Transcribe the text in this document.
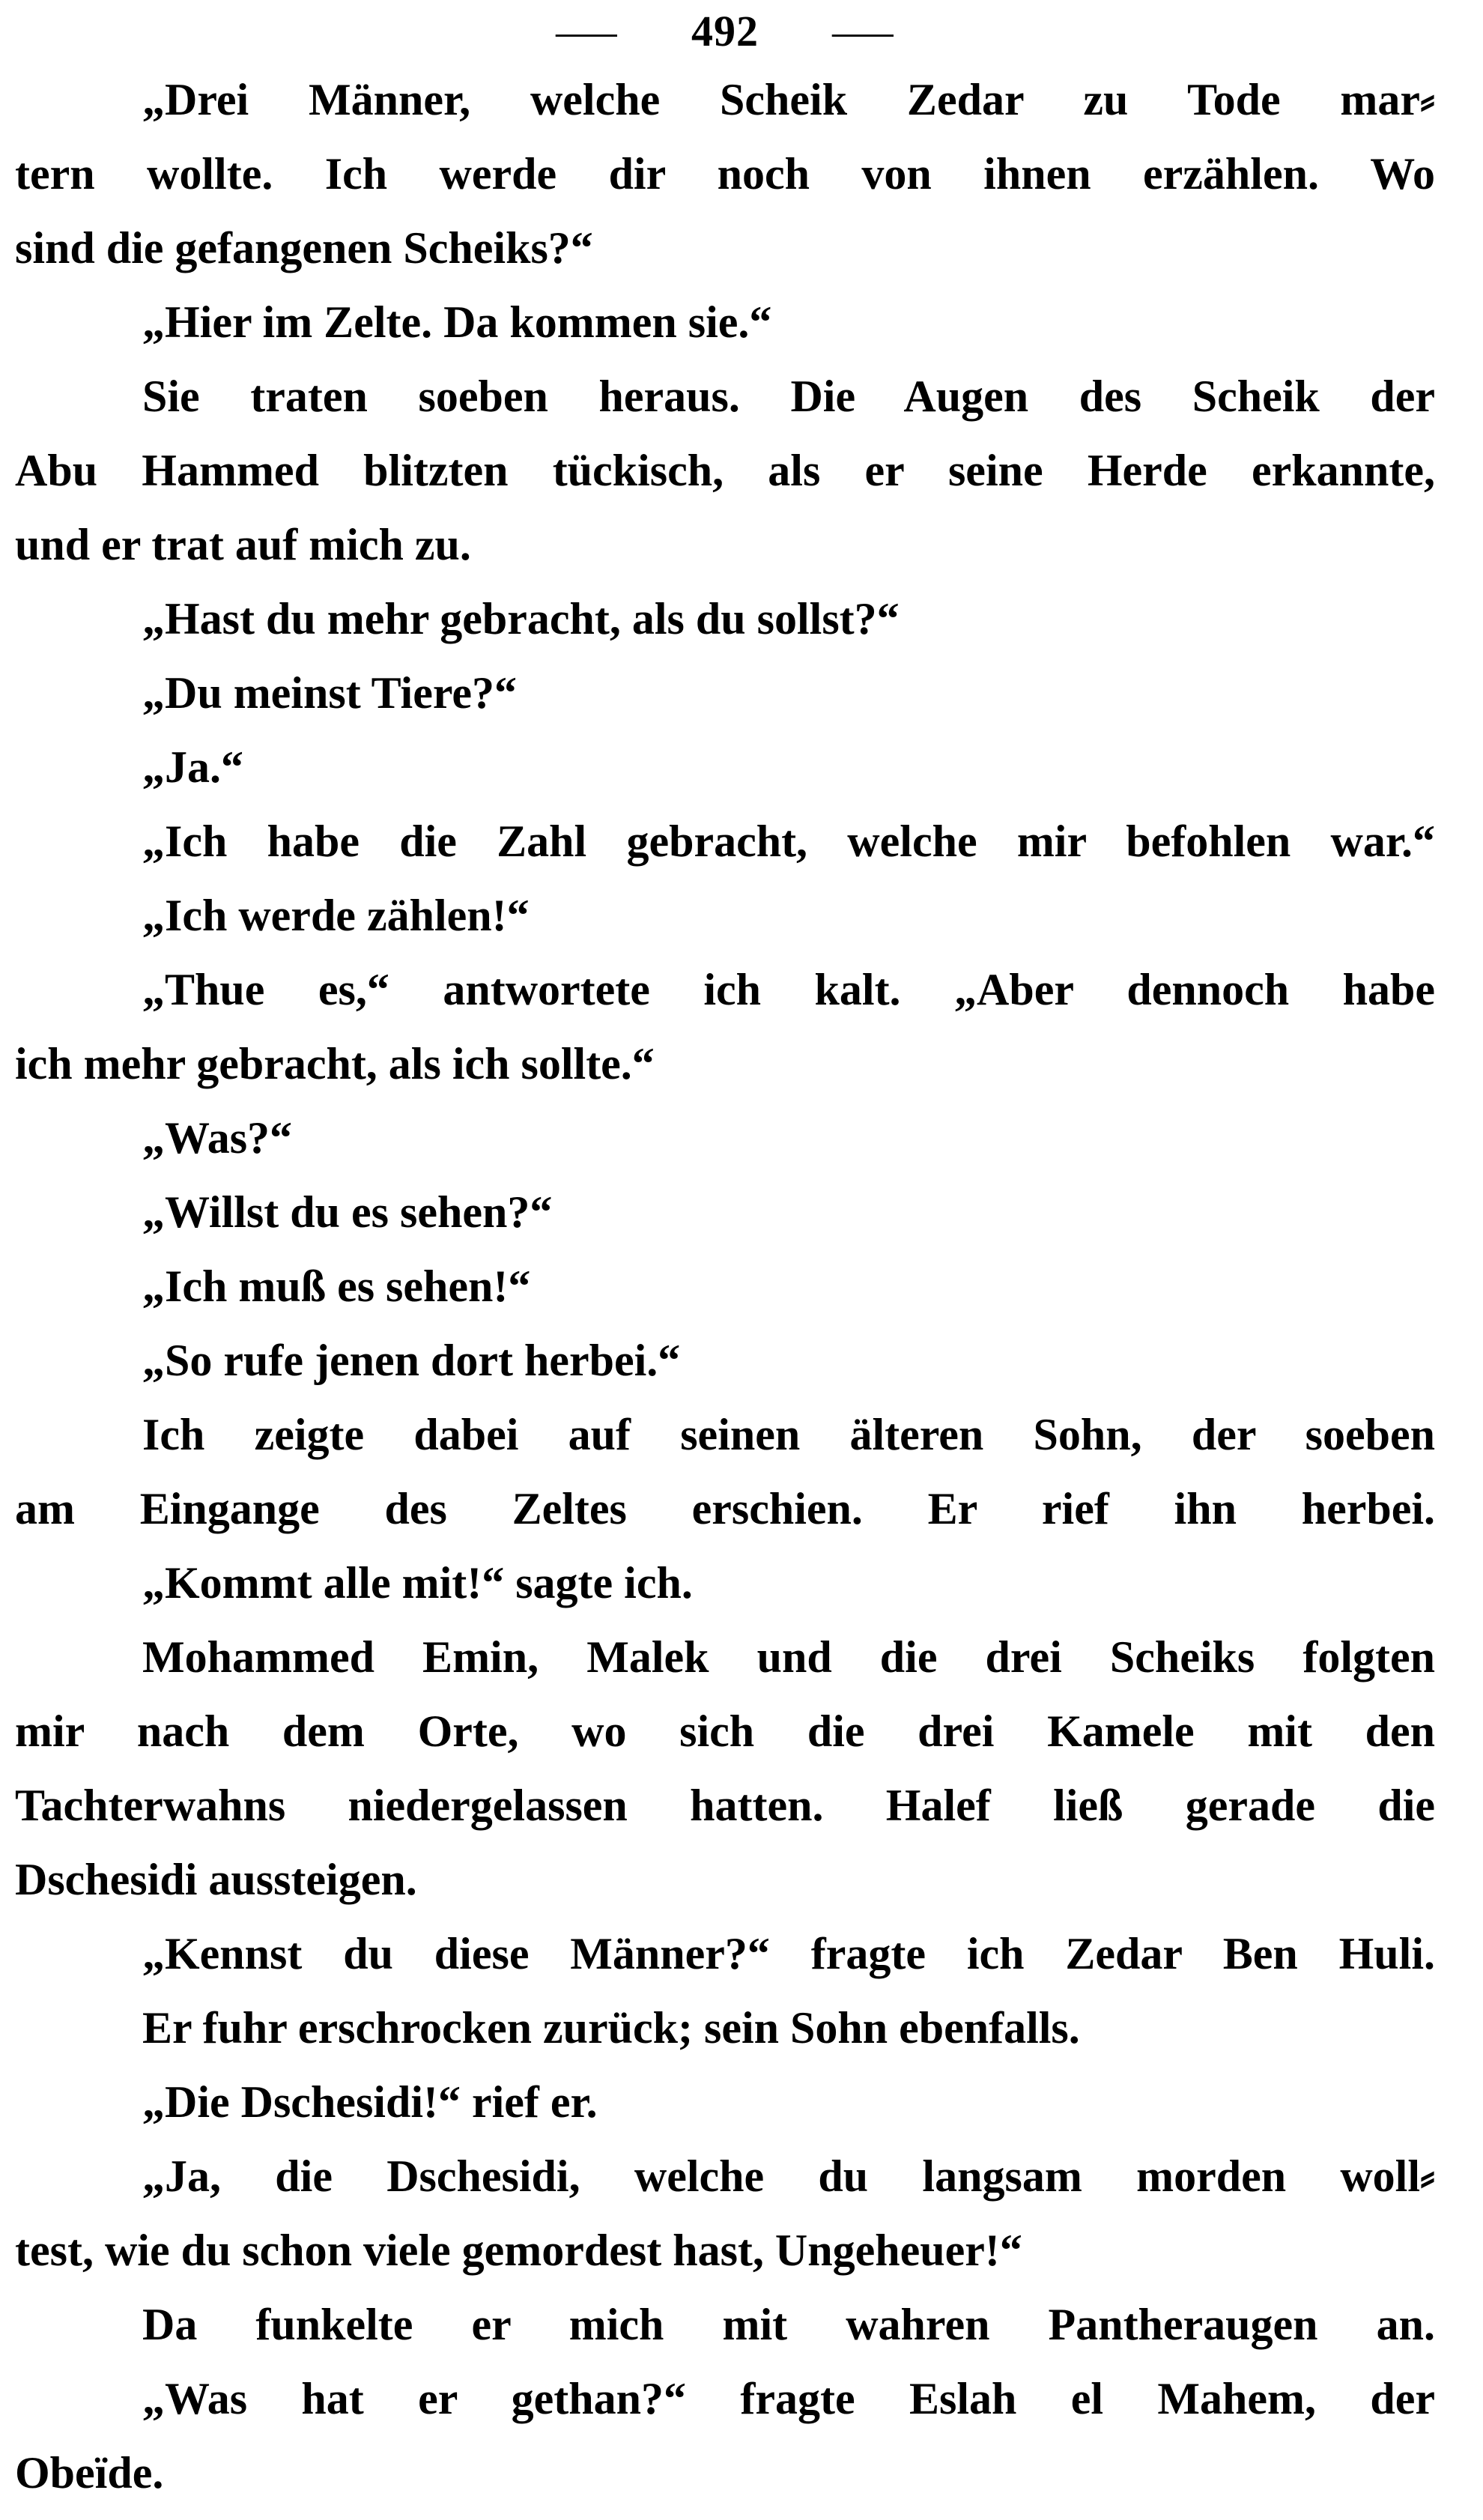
— 492 —
„Drei Männer, welche Scheik Zedar zu Tode mar⸗
tern wollte. Ich werde dir noch von ihnen erzählen. Wo
sind die gefangenen Scheiks?“
„Hier im Zelte. Da kommen sie.“
Sie traten soeben heraus. Die Augen des Scheik der
Abu Hammed blitzten tückisch, als er seine Herde erkannte,
und er trat auf mich zu.
„Hast du mehr gebracht, als du sollst?“
„Du meinst Tiere?“
„Ja.“
„Ich habe die Zahl gebracht, welche mir befohlen war.“
„Ich werde zählen!“
„Thue es,“ antwortete ich kalt. „Aber dennoch habe
ich mehr gebracht, als ich sollte.“
„Was?“
„Willst du es sehen?“
„Ich muß es sehen!“
„So rufe jenen dort herbei.“
Ich zeigte dabei auf seinen älteren Sohn, der soeben
am Eingange des Zeltes erschien. Er rief ihn herbei.
„Kommt alle mit!“ sagte ich.
Mohammed Emin, Malek und die drei Scheiks folgten
mir nach dem Orte, wo sich die drei Kamele mit den
Tachterwahns niedergelassen hatten. Halef ließ gerade die
Dschesidi aussteigen.
„Kennst du diese Männer?“ fragte ich Zedar Ben Huli.
Er fuhr erschrocken zurück; sein Sohn ebenfalls.
„Die Dschesidi!“ rief er.
„Ja, die Dschesidi, welche du langsam morden woll⸗
test, wie du schon viele gemordest hast, Ungeheuer!“
Da funkelte er mich mit wahren Pantheraugen an.
„Was hat er gethan?“ fragte Eslah el Mahem, der
Obeïde.
